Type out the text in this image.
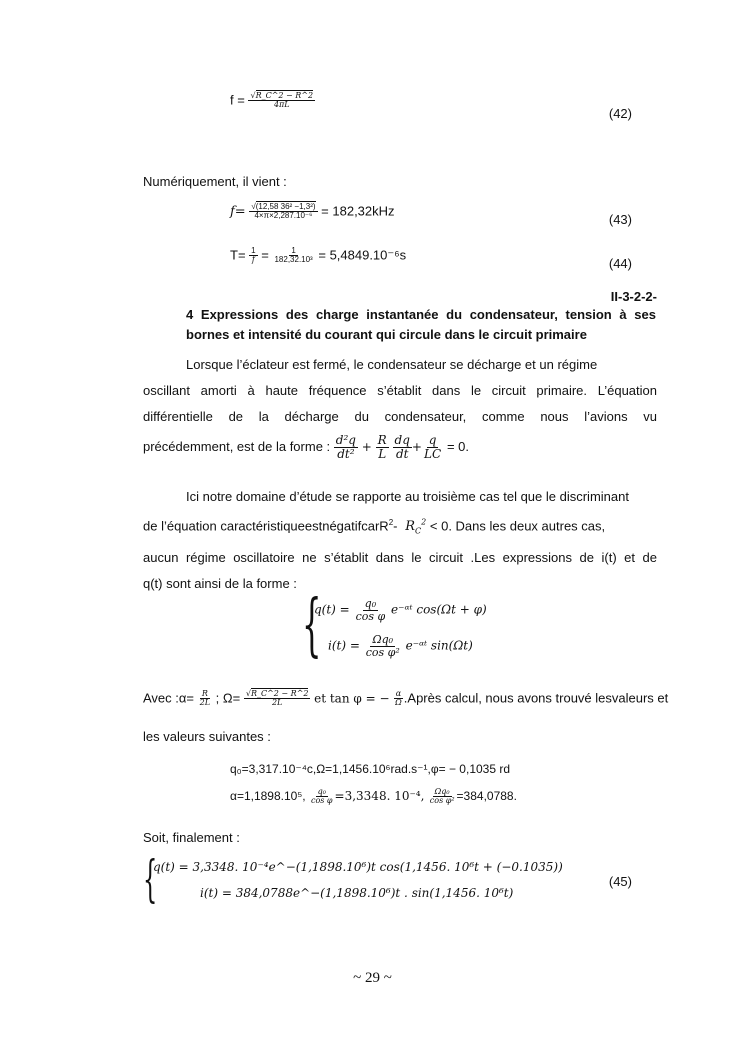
$f = \frac{√R\_C\^{}2 - R\^{}2}{4\pi L}$
(42)
Numériquement, il vient :
$f= \frac{\text{√(12,58 36² −1,3²)}}{\text{4×π×2,287.10⁻⁶}} = 182,32kHz$
(43)
$T= \frac{1}{f} = \frac{1}{\text{182,32.10³}} = 5,4849.10^{-6}s$
(44)
II-3-2-2-
4 Expressions des charge instantanée du condensateur, tension à ses bornes et intensité du courant qui circule dans le circuit primaire
Lorsque l’éclateur est fermé, le condensateur se décharge et un régime
oscillant amorti à haute fréquence s’établit dans le circuit primaire. L’équation
différentielle de la décharge du condensateur, comme nous l’avions vu
précédemment, est de la forme : $\frac{\text{d²q}}{\text{dt²}} + \frac{R}{L}$
$\frac{dq}{dt} + \frac{q}{LC} = 0$.
Ici notre domaine d’étude se rapporte au troisième cas tel que le discriminant
de l’équation caractéristiqueestnégatifcarR$^2$-  $R_C^2 < 0$. Dans les deux autres cas,
aucun régime oscillatoire ne s’établit dans le circuit .Les expressions de i(t) et de
q(t) sont ainsi de la forme :
{
$q(t) = \frac{\text{q₀}}{\text{cos φ}}$ e⁻ᵅᵗ cos(Ωt + φ)
$i(t) = \frac{\text{Ωq₀}}{\text{cos φ²}}$ e⁻ᵅᵗ sin(Ωt)
Avec :α= $\frac{R}{2L}$ ; $\Omega= \frac{√R\_C\^{}2 - R\^{}2}{2L}$ et tan φ = − $\frac{\alpha}{\Omega}$ .Après calcul, nous avons trouvé lesvaleurs et
les valeurs suivantes :
q₀=3,317.10⁻⁴c,Ω=1,1456.10⁶rad.s⁻¹,φ= − 0,1035 rd
α=1,1898.10⁵, $\frac{\text{q₀}}{\text{cos φ}} =3,3348$. 10⁻⁴, $\frac{\text{Ωq₀}}{\text{cos φ²}} =384,0788$.
Soit, finalement :
{
q(t) = 3,3348. 10⁻⁴e^−(1,1898.10⁶)t cos(1,1456. 10⁶t + (−0.1035))
i(t) = 384,0788e^−(1,1898.10⁶)t . sin(1,1456. 10⁶t)
(45)
~ 29 ~
